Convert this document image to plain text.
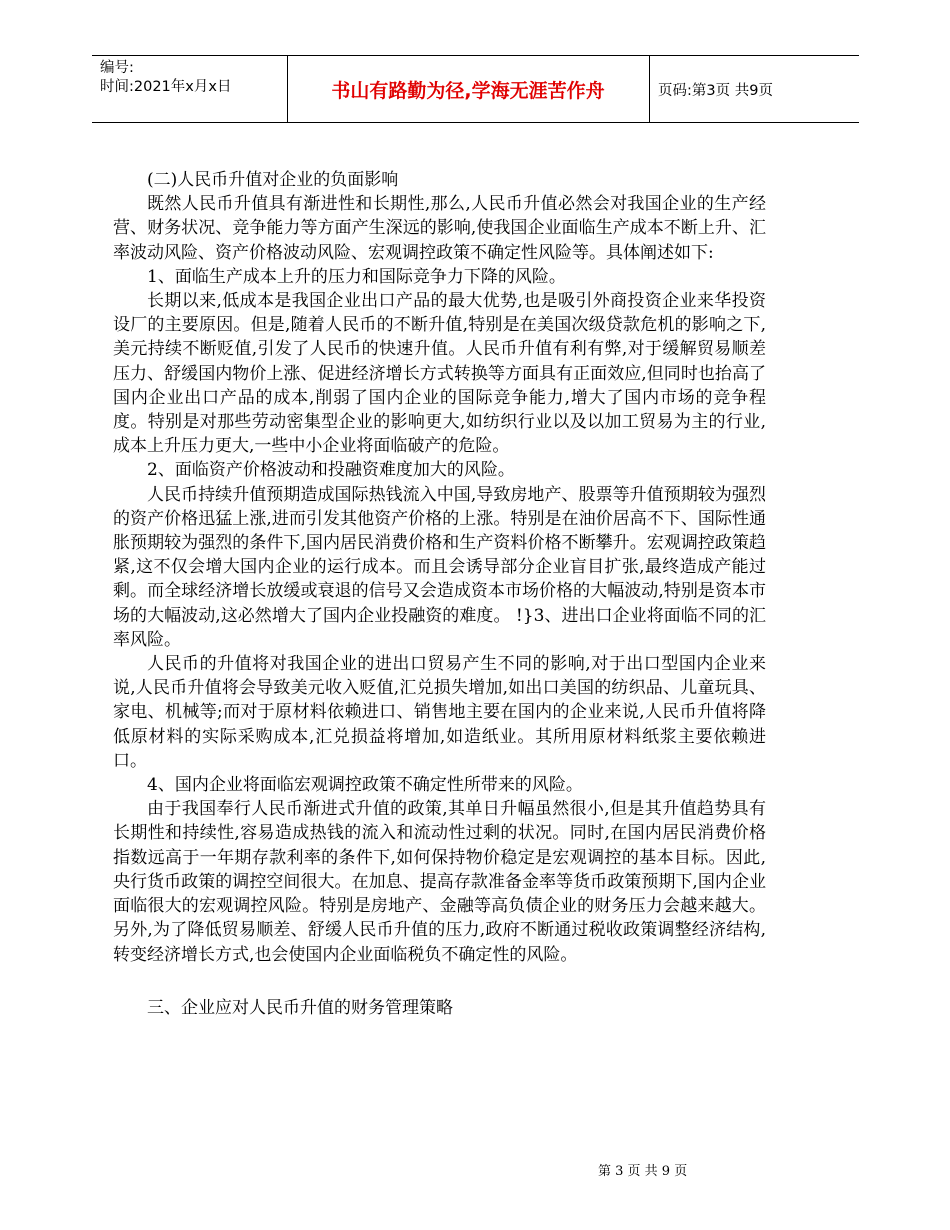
编号:
时间:2021年x月x日	书山有路勤为径,学海无涯苦作舟	页码:第3页 共9页

(二)人民币升值对企业的负面影响

既然人民币升值具有渐进性和长期性,那么,人民币升值必然会对我国企业的生产经营、财务状况、竞争能力等方面产生深远的影响,使我国企业面临生产成本不断上升、汇率波动风险、资产价格波动风险、宏观调控政策不确定性风险等。具体阐述如下:

1、面临生产成本上升的压力和国际竞争力下降的风险。

长期以来,低成本是我国企业出口产品的最大优势,也是吸引外商投资企业来华投资设厂的主要原因。但是,随着人民币的不断升值,特别是在美国次级贷款危机的影响之下,美元持续不断贬值,引发了人民币的快速升值。人民币升值有利有弊,对于缓解贸易顺差压力、舒缓国内物价上涨、促进经济增长方式转换等方面具有正面效应,但同时也抬高了国内企业出口产品的成本,削弱了国内企业的国际竞争能力,增大了国内市场的竞争程度。特别是对那些劳动密集型企业的影响更大,如纺织行业以及以加工贸易为主的行业,成本上升压力更大,一些中小企业将面临破产的危险。

2、面临资产价格波动和投融资难度加大的风险。

人民币持续升值预期造成国际热钱流入中国,导致房地产、股票等升值预期较为强烈的资产价格迅猛上涨,进而引发其他资产价格的上涨。特别是在油价居高不下、国际性通胀预期较为强烈的条件下,国内居民消费价格和生产资料价格不断攀升。宏观调控政策趋紧,这不仅会增大国内企业的运行成本。而且会诱导部分企业盲目扩张,最终造成产能过剩。而全球经济增长放缓或衰退的信号又会造成资本市场价格的大幅波动,特别是资本市场的大幅波动,这必然增大了国内企业投融资的难度。 !}3、进出口企业将面临不同的汇率风险。

人民币的升值将对我国企业的进出口贸易产生不同的影响,对于出口型国内企业来说,人民币升值将会导致美元收入贬值,汇兑损失增加,如出口美国的纺织品、儿童玩具、家电、机械等;而对于原材料依赖进口、销售地主要在国内的企业来说,人民币升值将降低原材料的实际采购成本,汇兑损益将增加,如造纸业。其所用原材料纸浆主要依赖进口。

4、国内企业将面临宏观调控政策不确定性所带来的风险。

由于我国奉行人民币渐进式升值的政策,其单日升幅虽然很小,但是其升值趋势具有长期性和持续性,容易造成热钱的流入和流动性过剩的状况。同时,在国内居民消费价格指数远高于一年期存款利率的条件下,如何保持物价稳定是宏观调控的基本目标。因此,央行货币政策的调控空间很大。在加息、提高存款准备金率等货币政策预期下,国内企业面临很大的宏观调控风险。特别是房地产、金融等高负债企业的财务压力会越来越大。另外,为了降低贸易顺差、舒缓人民币升值的压力,政府不断通过税收政策调整经济结构,转变经济增长方式,也会使国内企业面临税负不确定性的风险。

三、企业应对人民币升值的财务管理策略

第 3 页 共 9 页
